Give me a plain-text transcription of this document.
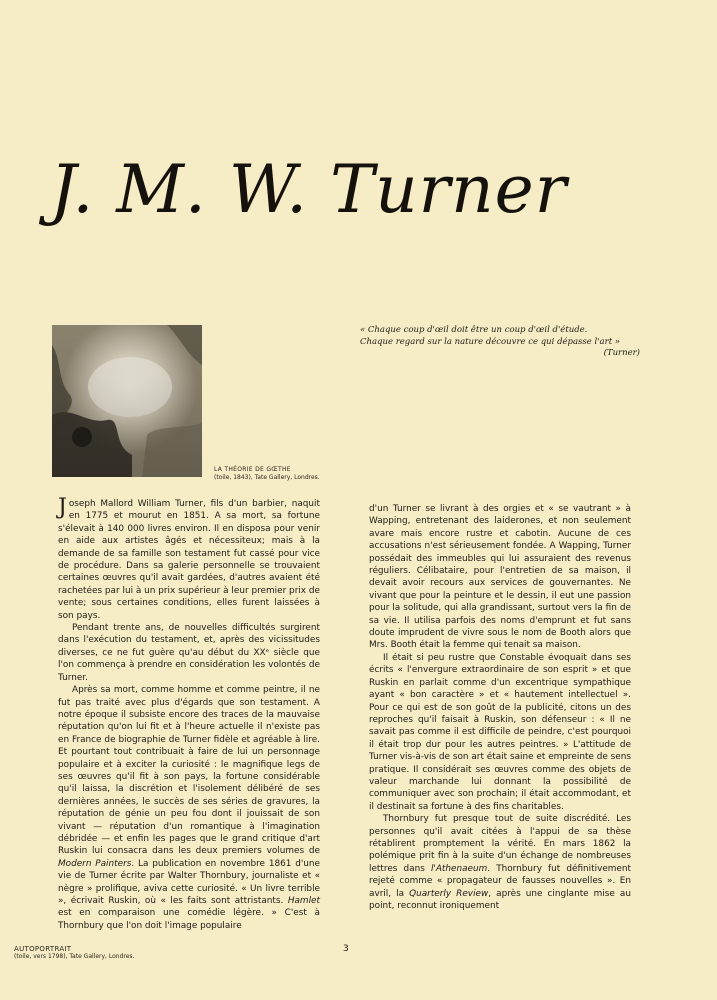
J. M. W. Turner
LA THÉORIE DE GŒTHE
(toile, 1843), Tate Gallery, Londres.
« Chaque coup d'œil doit être un coup d'œil d'étude.
Chaque regard sur la nature découvre ce qui dépasse l'art »
(Turner)

Joseph Mallord William Turner, fils d'un barbier, naquit en 1775 et mourut en 1851. A sa mort, sa fortune s'élevait à 140 000 livres environ. Il en disposa pour venir en aide aux artistes âgés et nécessiteux; mais à la demande de sa famille son testament fut cassé pour vice de procédure. Dans sa galerie personnelle se trouvaient certaines œuvres qu'il avait gardées, d'autres avaient été rachetées par lui à un prix supérieur à leur premier prix de vente; sous certaines conditions, elles furent laissées à son pays.

Pendant trente ans, de nouvelles difficultés surgirent dans l'exécution du testament, et, après des vicissitudes diverses, ce ne fut guère qu'au début du XXᵉ siècle que l'on commença à prendre en considération les volontés de Turner.

Après sa mort, comme homme et comme peintre, il ne fut pas traité avec plus d'égards que son testament. A notre époque il subsiste encore des traces de la mauvaise réputation qu'on lui fit et à l'heure actuelle il n'existe pas en France de biographie de Turner fidèle et agréable à lire. Et pourtant tout contribuait à faire de lui un personnage populaire et à exciter la curiosité : le magnifique legs de ses œuvres qu'il fit à son pays, la fortune considérable qu'il laissa, la discrétion et l'isolement délibéré de ses dernières années, le succès de ses séries de gravures, la réputation de génie un peu fou dont il jouissait de son vivant — réputation d'un romantique à l'imagination débridée — et enfin les pages que le grand critique d'art Ruskin lui consacra dans les deux premiers volumes de Modern Painters. La publication en novembre 1861 d'une vie de Turner écrite par Walter Thornbury, journaliste et « nègre » prolifique, aviva cette curiosité. « Un livre terrible », écrivait Ruskin, où « les faits sont attristants. Hamlet est en comparaison une comédie légère. » C'est à Thornbury que l'on doit l'image populaire

d'un Turner se livrant à des orgies et « se vautrant » à Wapping, entretenant des laiderones, et non seulement avare mais encore rustre et cabotin. Aucune de ces accusations n'est sérieusement fondée. A Wapping, Turner possédait des immeubles qui lui assuraient des revenus réguliers. Célibataire, pour l'entretien de sa maison, il devait avoir recours aux services de gouvernantes. Ne vivant que pour la peinture et le dessin, il eut une passion pour la solitude, qui alla grandissant, surtout vers la fin de sa vie. Il utilisa parfois des noms d'emprunt et fut sans doute imprudent de vivre sous le nom de Booth alors que Mrs. Booth était la femme qui tenait sa maison.

Il était si peu rustre que Constable évoquait dans ses écrits « l'envergure extraordinaire de son esprit » et que Ruskin en parlait comme d'un excentrique sympathique ayant « bon caractère » et « hautement intellectuel ». Pour ce qui est de son goût de la publicité, citons un des reproches qu'il faisait à Ruskin, son défenseur : « Il ne savait pas comme il est difficile de peindre, c'est pourquoi il était trop dur pour les autres peintres. » L'attitude de Turner vis-à-vis de son art était saine et empreinte de sens pratique. Il considérait ses œuvres comme des objets de valeur marchande lui donnant la possibilité de communiquer avec son prochain; il était accommodant, et il destinait sa fortune à des fins charitables.

Thornbury fut presque tout de suite discrédité. Les personnes qu'il avait citées à l'appui de sa thèse rétablirent promptement la vérité. En mars 1862 la polémique prit fin à la suite d'un échange de nombreuses lettres dans l'Athenaeum. Thornbury fut définitivement rejeté comme « propagateur de fausses nouvelles ». En avril, la Quarterly Review, après une cinglante mise au point, reconnut ironiquement

AUTOPORTRAIT
(toile, vers 1798), Tate Gallery, Londres.
3
